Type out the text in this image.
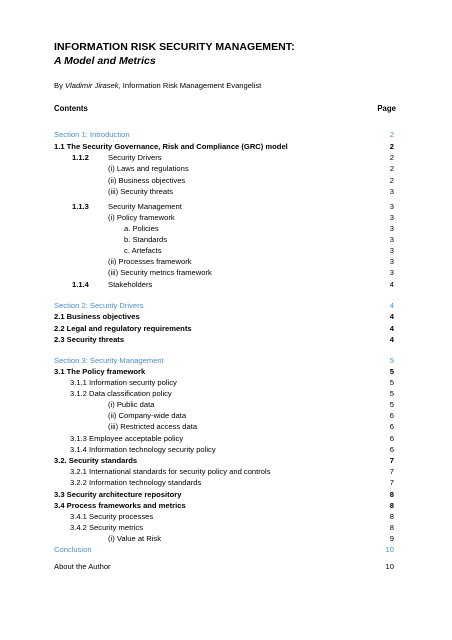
INFORMATION RISK SECURITY MANAGEMENT:
A Model and Metrics
By Vladimir Jirasek, Information Risk Management Evangelist
Contents	Page
Section 1: Introduction	2
1.1 The Security Governance, Risk and Compliance (GRC) model	2
1.1.2	Security Drivers	2
(i) Laws and regulations	2
(ii) Business objectives	2
(iii) Security threats	3
1.1.3	Security Management	3
(i) Policy framework	3
a. Policies	3
b. Standards	3
c. Artefacts	3
(ii) Processes framework	3
(iii) Security metrics framework	3
1.1.4	Stakeholders	4
Section 2: Security Drivers	4
2.1 Business objectives	4
2.2 Legal and regulatory requirements	4
2.3 Security threats	4
Section 3: Security Management	5
3.1 The Policy framework	5
3.1.1 Information security policy	5
3.1.2 Data classification policy	5
(i) Public data	5
(ii) Company-wide data	6
(iii) Restricted access data	6
3.1.3 Employee acceptable policy	6
3.1.4 Information technology security policy	6
3.2. Security standards	7
3.2.1 International standards for security policy and controls	7
3.2.2 Information technology standards	7
3.3 Security architecture repository	8
3.4 Process frameworks and metrics	8
3.4.1 Security processes	8
3.4.2 Security metrics	8
(i) Value at Risk	9
Conclusion	10
About the Author	10
